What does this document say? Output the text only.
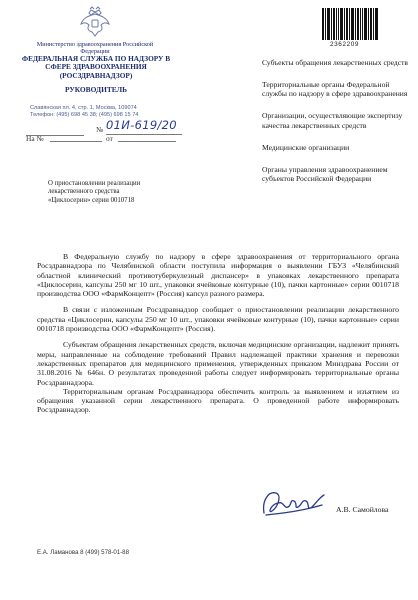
Министерство здравоохранения Российской Федерации
ФЕДЕРАЛЬНАЯ СЛУЖБА ПО НАДЗОРУ В СФЕРЕ ЗДРАВООХРАНЕНИЯ (РОСЗДРАВНАДЗОР)
РУКОВОДИТЕЛЬ
Славянская пл. 4, стр. 1, Москва, 109074
Телефон: (495) 698 45 38; (495) 698 15 74
№ 01И-619/20
На №	от
О приостановлении реализации
лекарственного средства
«Циклосерин» серии 0010718
2362209
Субъекты обращения лекарственных средств
Территориальные органы Федеральной службы по надзору в сфере здравоохранения
Организации, осуществляющие экспертизу качества лекарственных средств
Медицинские организации
Органы управления здравоохранением субъектов Российской Федерации

В Федеральную службу по надзору в сфере здравоохранения от территориального органа Росздравнадзора по Челябинской области поступила информация о выявлении ГБУЗ «Челябинский областной клинический противотуберкулезный диспансер» в упаковках лекарственного препарата «Циклосерин, капсулы 250 мг 10 шт., упаковки ячейковые контурные (10), пачки картонные» серии 0010718 производства ООО «ФармКонцепт» (Россия) капсул разного размера.

В связи с изложенным Росздравнадзор сообщает о приостановлении реализации лекарственного средства «Циклосерин, капсулы 250 мг 10 шт., упаковки ячейковые контурные (10), пачки картонные» серии 0010718 производства ООО «ФармКонцепт» (Россия).

Субъектам обращения лекарственных средств, включая медицинские организации, надлежит принять меры, направленные на соблюдение требований Правил надлежащей практики хранения и перевозки лекарственных препаратов для медицинского применения, утвержденных приказом Минздрава России от 31.08.2016 № 646н. О результатах проведенной работы следует информировать территориальные органы Росздравнадзора.

Территориальным органам Росздравнадзора обеспечить контроль за выявлением и изъятием из обращения указанной серии лекарственного препарата. О проведенной работе информировать Росздравнадзор.

А.В. Самойлова
Е.А. Ламанова 8 (499) 578-01-88
